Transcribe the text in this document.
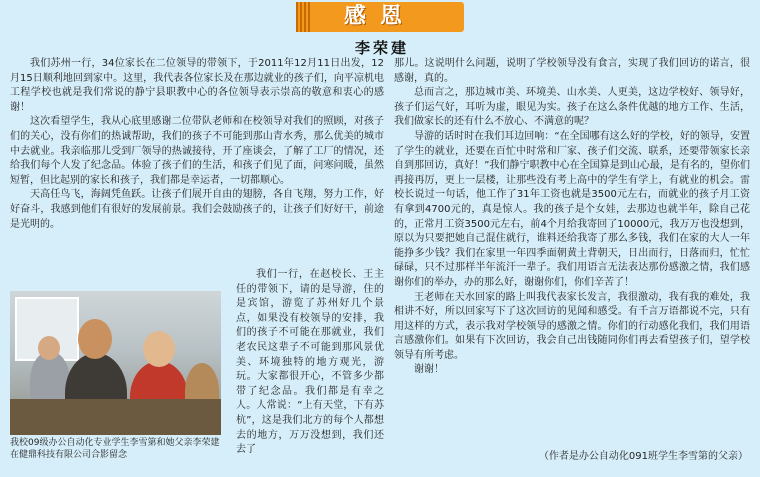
感恩
李荣建

我们苏州一行，34位家长在二位领导的带领下，于2011年12月11日出发，12月15日顺利地回到家中。这里，我代表各位家长及在那边就业的孩子们，向平凉机电工程学校也就是我们常说的静宁县职教中心的各位领导表示崇高的敬意和衷心的感谢！

这次看望学生，我从心底里感谢二位带队老师和在校领导对我们的照顾，对孩子们的关心，没有你们的热诚帮助，我们的孩子不可能到那山青水秀，那么优美的城市中去就业。我亲临那儿受到厂领导的热诚接待，开了座谈会，了解了工厂的情况，还给我们每个人发了纪念品。体验了孩子们的生活，和孩子们见了面，问寒问暖，虽然短暂，但比起别的家长和孩子，我们都是幸运者，一切都顺心。

天高任鸟飞，海阔凭鱼跃。让孩子们展开自由的翅膀，各自飞翔，努力工作，好好奋斗，我感到他们有很好的发展前景。我们会鼓励孩子的，让孩子们好好干，前途是光明的。

我们一行，在赵校长、王主任的带领下，请的是导游，住的是宾馆，游览了苏州好几个景点，如果没有校领导的安排，我们的孩子不可能在那就业，我们老农民这辈子不可能到那风景优美、环境独特的地方观光，游玩。大家都很开心，不管多少都带了纪念品。我们都是有幸之人。人常说：“上有天堂，下有苏杭”，这是我们北方的每个人都想去的地方，万万没想到，我们还去了

我校09级办公自动化专业学生李雪第和她父亲李荣建在健鼎科技有限公司合影留念

那儿。这说明什么问题，说明了学校领导没有食言，实现了我们回访的诺言，很感谢，真的。

总而言之，那边城市美、环境美、山水美、人更美，这边学校好、领导好，孩子们运气好，耳听为虚，眼见为实。孩子在这么条件优越的地方工作、生活，我们做家长的还有什么不放心、不满意的呢？

导游的话时时在我们耳边回响：“在全国哪有这么好的学校，好的领导，安置了学生的就业，还要在百忙中时常和厂家、孩子们交流、联系，还要带领家长亲自到那回访，真好！”我们静宁职教中心在全国算是到山心最，是有名的，望你们再接再厉，更上一层楼，让那些没有考上高中的学生有学上，有就业的机会。雷校长说过一句话，他工作了31年工资也就是3500元左右，而就业的孩子月工资有拿到4700元的，真是惊人。我的孩子是个女娃，去那边也就半年，除自己花的，正常月工资3500元左右，前4个月给我寄回了10000元，我万万也没想到，原以为只要把她自己混住就行，谁料还给我寄了那么多钱，我们在家的大人一年能挣多少钱？我们在家里一年四季面朝黄土背朝天，日出而行，日落而归，忙忙碌碌，只不过那样半年流汗一辈子。我们用语言无法表达那份感激之情，我们感谢你们的举办，办的那么好，谢谢你们，你们辛苦了！

王老师在天水回家的路上叫我代表家长发言，我很激动，我有我的难处，我相讲不好，所以回家写下了这次回访的见闻和感受。有千言万语都说不完，只有用这样的方式，表示我对学校领导的感激之情。你们的行动感化我们，我们用语言感激你们。如果有下次回访，我会自己出钱随同你们再去看望孩子们，望学校领导有所考虑。

谢谢！

（作者是办公自动化091班学生李雪第的父亲）
